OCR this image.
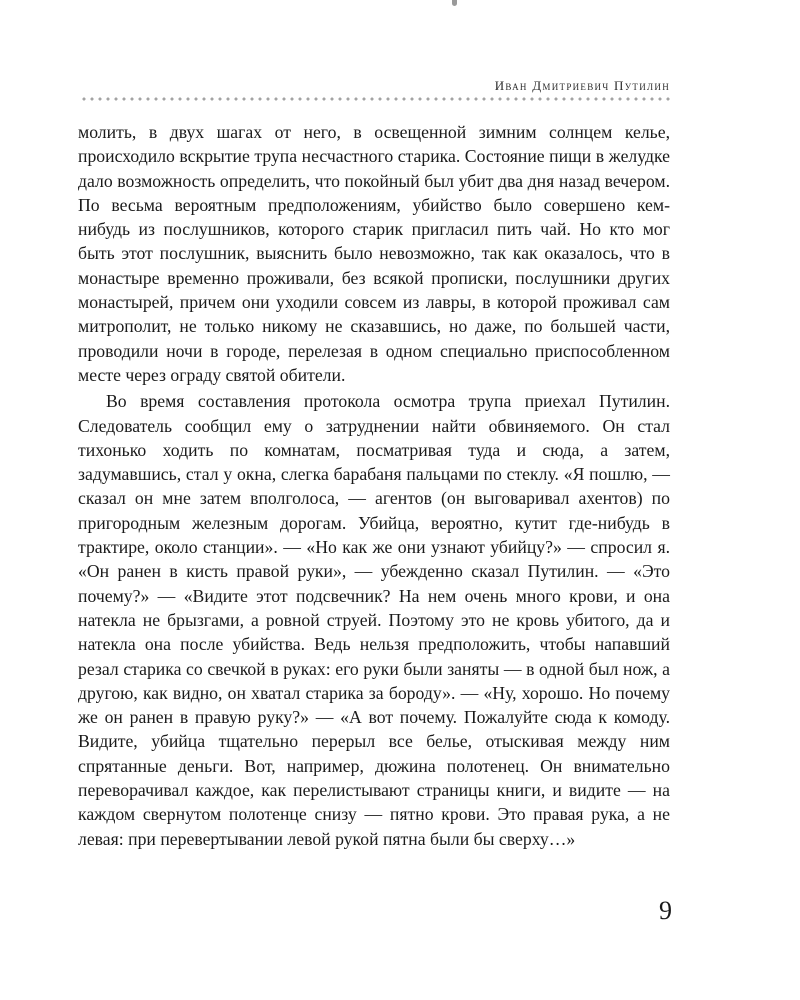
Иван Дмитриевич Путилин

молить, в двух шагах от него, в освещенной зимним солнцем келье, происходило вскрытие трупа несчастного старика. Состояние пищи в желудке дало возможность определить, что покойный был убит два дня назад вечером. По весьма вероятным предположениям, убийство было совершено кем-нибудь из послушников, которого старик пригласил пить чай. Но кто мог быть этот послушник, выяснить было невозможно, так как оказалось, что в монастыре временно проживали, без всякой прописки, послушники других монастырей, причем они уходили совсем из лавры, в которой проживал сам митрополит, не только никому не сказавшись, но даже, по большей части, проводили ночи в городе, перелезая в одном специально приспособленном месте через ограду святой обители.

Во время составления протокола осмотра трупа приехал Путилин. Следователь сообщил ему о затруднении найти обвиняемого. Он стал тихонько ходить по комнатам, посматривая туда и сюда, а затем, задумавшись, стал у окна, слегка барабаня пальцами по стеклу. «Я пошлю, — сказал он мне затем вполголоса, — агентов (он выговаривал ахентов) по пригородным железным дорогам. Убийца, вероятно, кутит где-нибудь в трактире, около станции». — «Но как же они узнают убийцу?» — спросил я. «Он ранен в кисть правой руки», — убежденно сказал Путилин. — «Это почему?» — «Видите этот подсвечник? На нем очень много крови, и она натекла не брызгами, а ровной струей. Поэтому это не кровь убитого, да и натекла она после убийства. Ведь нельзя предположить, чтобы напавший резал старика со свечкой в руках: его руки были заняты — в одной был нож, а другою, как видно, он хватал старика за бороду». — «Ну, хорошо. Но почему же он ранен в правую руку?» — «А вот почему. Пожалуйте сюда к комоду. Видите, убийца тщательно перерыл все белье, отыскивая между ним спрятанные деньги. Вот, например, дюжина полотенец. Он внимательно переворачивал каждое, как перелистывают страницы книги, и видите — на каждом свернутом полотенце снизу — пятно крови. Это правая рука, а не левая: при перевертывании левой рукой пятна были бы сверху…»

9
